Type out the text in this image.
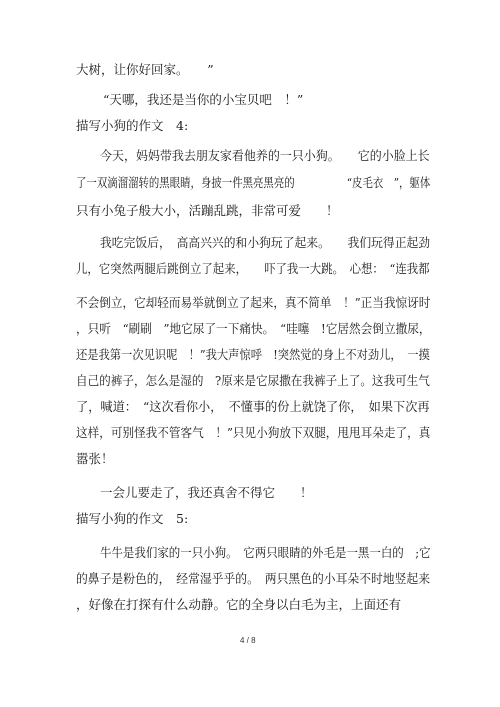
大树，让你好回家。　　”
“天哪，我还是当你的小宝贝吧　！”
描写小狗的作文　4:
今天，妈妈带我去朋友家看他养的一只小狗。　　它的小脸上长
了一双滴溜溜转的黑眼睛，身披一件黑亮黑亮的　　　　　“皮毛衣　”，躯体
只有小兔子般大小，活蹦乱跳，非常可爱　　！
我吃完饭后，　高高兴兴的和小狗玩了起来。　　我们玩得正起劲
儿，它突然两腿后跳倒立了起来，　　吓了我一大跳。　心想：　“连我都
不会倒立，它却轻而易举就倒立了起来，真不简单　！”正当我惊讶时
，只听　“刷刷　”地它尿了一下痛快。　“哇噻　!它居然会倒立撒尿，
还是我第一次见识呢　！”我大声惊呼　!突然觉的身上不对劲儿，　一摸
自己的裤子，怎么是湿的　?原来是它尿撒在我裤子上了。这我可生气
了，喊道：　“这次看你小，　不懂事的份上就饶了你，　如果下次再
这样，可别怪我不管客气　！”只见小狗放下双腿，甩甩耳朵走了，真
嚣张！
一会儿要走了，我还真舍不得它　　！
描写小狗的作文　5:
牛牛是我们家的一只小狗。　它两只眼睛的外毛是一黑一白的　;它
的鼻子是粉色的，　经常湿乎乎的。　两只黑色的小耳朵不时地竖起来
，好像在打探有什么动静。它的全身以白毛为主，上面还有
4 / 8
